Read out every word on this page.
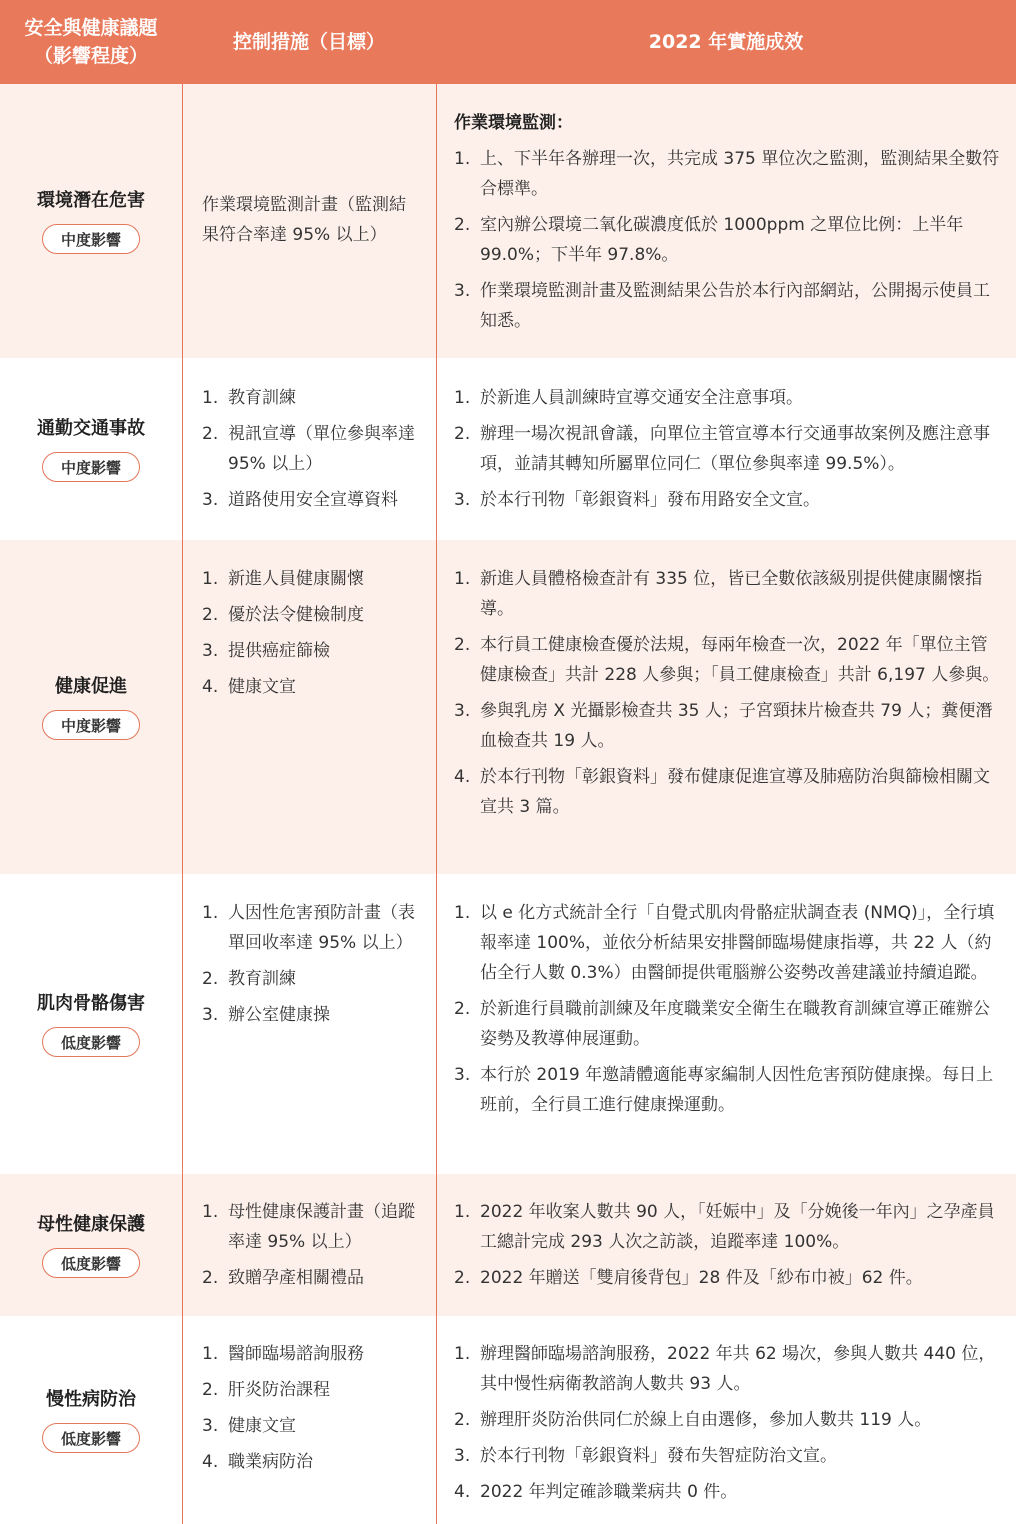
安全與健康議題
（影響程度）
控制措施（目標）	2022 年實施成效
環境潛在危害
中度影響
作業環境監測計畫（監測結果符合率達 95% 以上）
作業環境監測：
1. 上、下半年各辦理一次，共完成 375 單位次之監測，監測結果全數符合標準。
2. 室內辦公環境二氧化碳濃度低於 1000ppm 之單位比例：上半年 99.0%；下半年 97.8%。
3. 作業環境監測計畫及監測結果公告於本行內部網站，公開揭示使員工知悉。
通勤交通事故
中度影響
1. 教育訓練
2. 視訊宣導（單位參與率達 95% 以上）
3. 道路使用安全宣導資料
1. 於新進人員訓練時宣導交通安全注意事項。
2. 辦理一場次視訊會議，向單位主管宣導本行交通事故案例及應注意事項，並請其轉知所屬單位同仁（單位參與率達 99.5%）。
3. 於本行刊物「彰銀資料」發布用路安全文宣。
健康促進
中度影響
1. 新進人員健康關懷
2. 優於法令健檢制度
3. 提供癌症篩檢
4. 健康文宣
1. 新進人員體格檢查計有 335 位，皆已全數依該級別提供健康關懷指導。
2. 本行員工健康檢查優於法規，每兩年檢查一次，2022 年「單位主管健康檢查」共計 228 人參與；「員工健康檢查」共計 6,197 人參與。
3. 參與乳房 X 光攝影檢查共 35 人；子宮頸抹片檢查共 79 人；糞便潛血檢查共 19 人。
4. 於本行刊物「彰銀資料」發布健康促進宣導及肺癌防治與篩檢相關文宣共 3 篇。
肌肉骨骼傷害
低度影響
1. 人因性危害預防計畫（表單回收率達 95% 以上）
2. 教育訓練
3. 辦公室健康操
1. 以 e 化方式統計全行「自覺式肌肉骨骼症狀調查表 (NMQ)」，全行填報率達 100%，並依分析結果安排醫師臨場健康指導，共 22 人（約佔全行人數 0.3%）由醫師提供電腦辦公姿勢改善建議並持續追蹤。
2. 於新進行員職前訓練及年度職業安全衛生在職教育訓練宣導正確辦公姿勢及教導伸展運動。
3. 本行於 2019 年邀請體適能專家編制人因性危害預防健康操。每日上班前，全行員工進行健康操運動。
母性健康保護
低度影響
1. 母性健康保護計畫（追蹤率達 95% 以上）
2. 致贈孕產相關禮品
1. 2022 年收案人數共 90 人，「妊娠中」及「分娩後一年內」之孕產員工總計完成 293 人次之訪談，追蹤率達 100%。
2. 2022 年贈送「雙肩後背包」28 件及「紗布巾被」62 件。
慢性病防治
低度影響
1. 醫師臨場諮詢服務
2. 肝炎防治課程
3. 健康文宣
4. 職業病防治
1. 辦理醫師臨場諮詢服務，2022 年共 62 場次，參與人數共 440 位，其中慢性病衛教諮詢人數共 93 人。
2. 辦理肝炎防治供同仁於線上自由選修，參加人數共 119 人。
3. 於本行刊物「彰銀資料」發布失智症防治文宣。
4. 2022 年判定確診職業病共 0 件。
